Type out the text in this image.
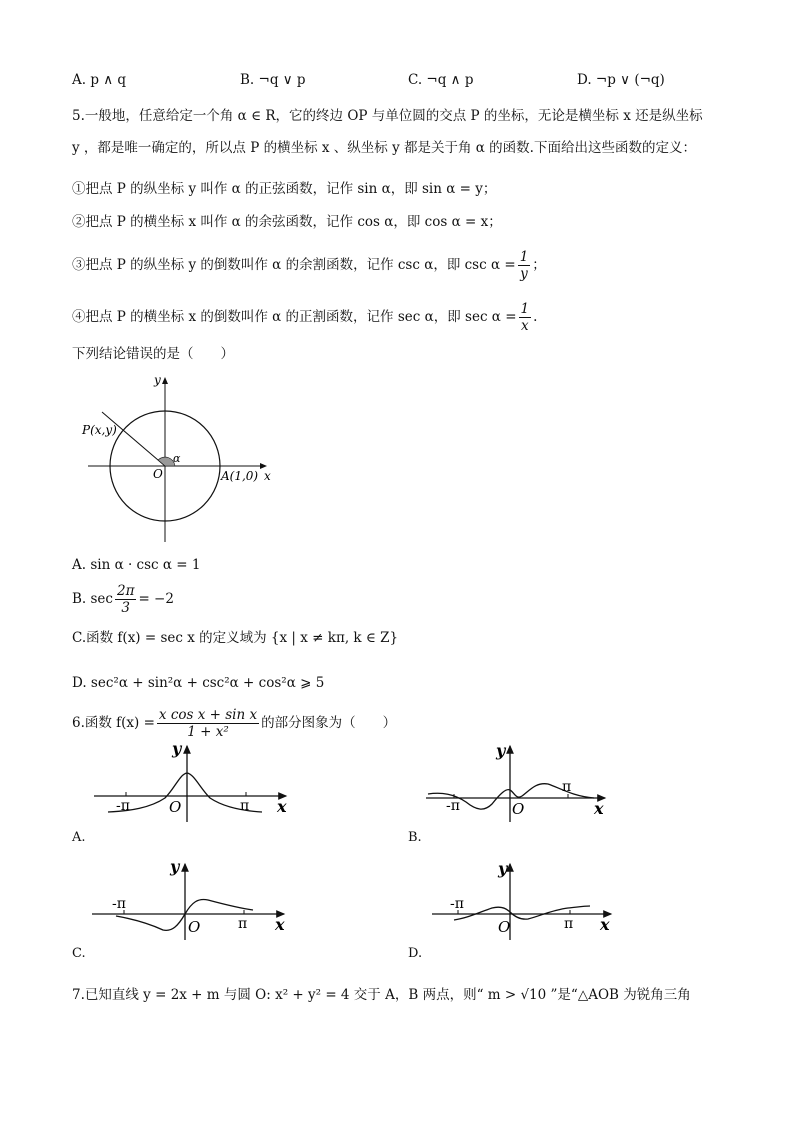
A. p ∧ q	B. ¬q ∨ p	C. ¬q ∧ p	D. ¬p ∨ (¬q)
5.一般地，任意给定一个角 α ∈ R，它的终边 OP 与单位圆的交点 P 的坐标，无论是横坐标 x 还是纵坐标
y ，都是唯一确定的，所以点 P 的横坐标 x 、纵坐标 y 都是关于角 α 的函数.下面给出这些函数的定义：
①把点 P 的纵坐标 y 叫作 α 的正弦函数，记作 sin α，即 sin α = y；
②把点 P 的横坐标 x 叫作 α 的余弦函数，记作 cos α，即 cos α = x；
③把点 P 的纵坐标 y 的倒数叫作 α 的余割函数，记作 csc α，即 $\csc \alpha = \frac{1}{y}$ ；
④把点 P 的横坐标 x 的倒数叫作 α 的正割函数，记作 sec α，即 $\sec \alpha = \frac{1}{x}$ .
下列结论错误的是（　　）
y
x
P(x,y)
O	A(1,0)
α
A. sin α · csc α = 1
B. $\sec \frac{2\pi}{3} = -2$
C.函数 f(x) = sec x 的定义域为 {x | x ≠ kπ, k ∈ Z}
D. sec²α + sin²α + csc²α + cos²α ⩾ 5
6.函数 $f(x) = \frac{\text{x cos x + sin x}}{\text{1 + x²}}$ 的部分图象为（　　）
y
x
O
-π	π
A.
y
x
O
-π
π
B.
y
x
O
-π
π
C.
y
x
O
-π
π
D.
7.已知直线 y = 2x + m 与圆 O: x² + y² = 4 交于 A，B 两点，则“ m > √10 ”是“△AOB 为锐角三角
